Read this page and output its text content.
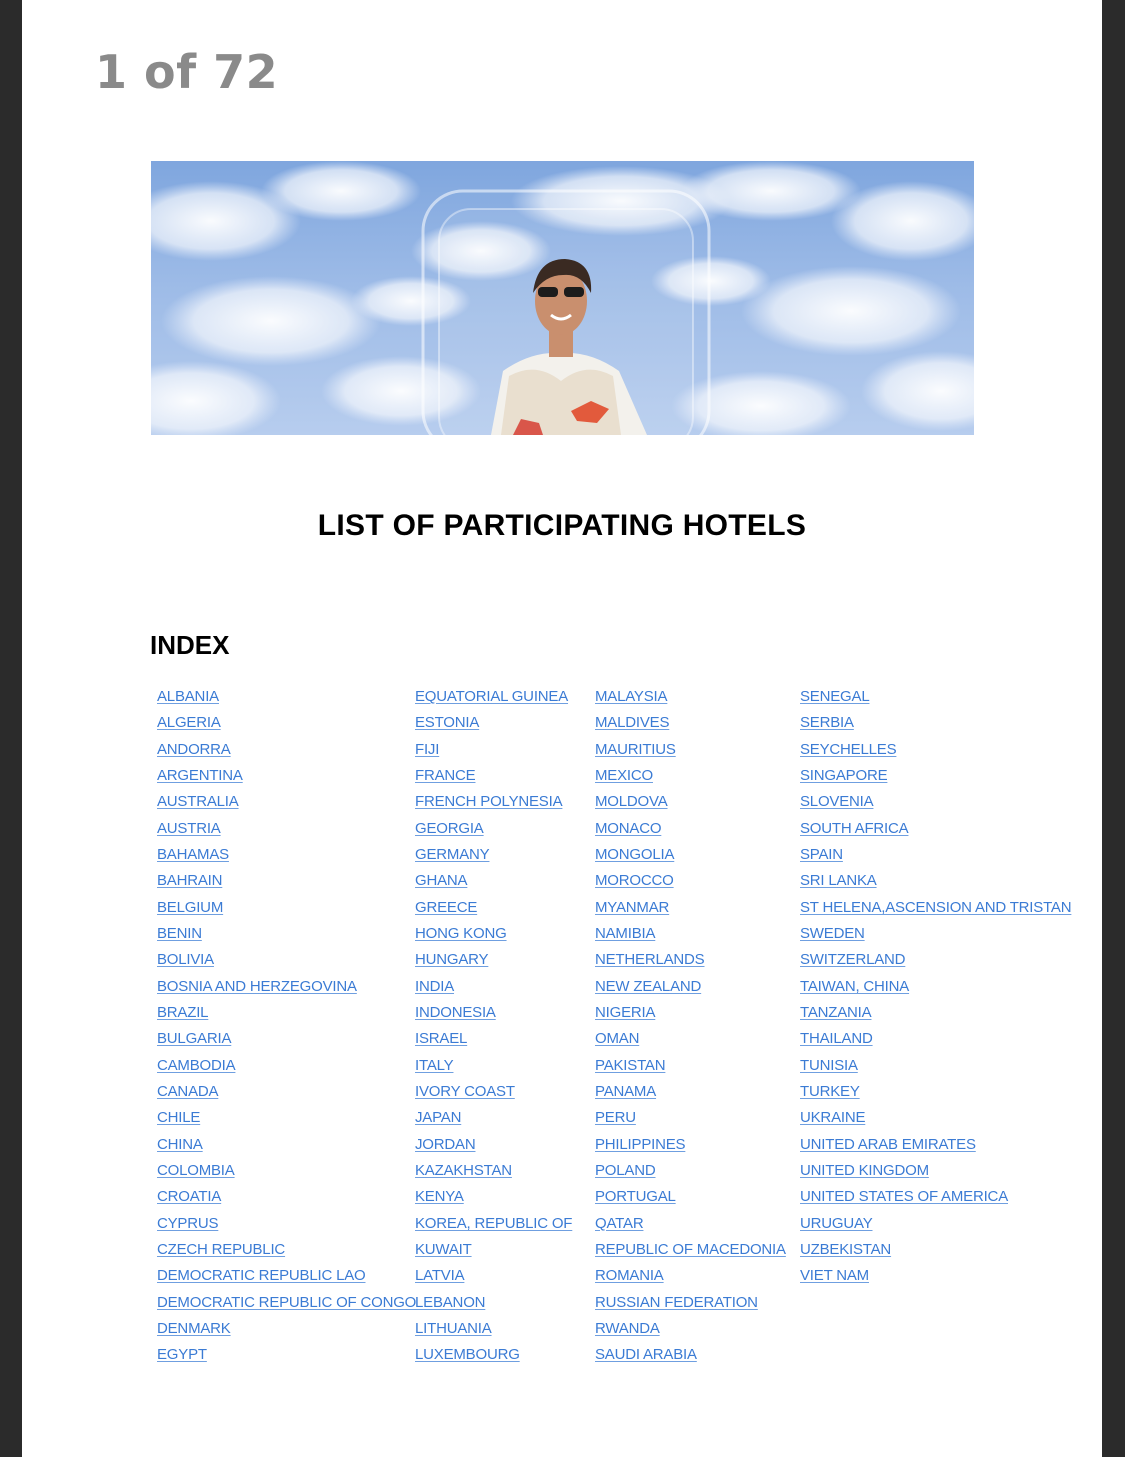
1 of 72
LIST OF PARTICIPATING HOTELS
INDEX
ALBANIA
ALGERIA
ANDORRA
ARGENTINA
AUSTRALIA
AUSTRIA
BAHAMAS
BAHRAIN
BELGIUM
BENIN
BOLIVIA
BOSNIA AND HERZEGOVINA
BRAZIL
BULGARIA
CAMBODIA
CANADA
CHILE
CHINA
COLOMBIA
CROATIA
CYPRUS
CZECH REPUBLIC
DEMOCRATIC REPUBLIC LAO
DEMOCRATIC REPUBLIC OF CONGO
DENMARK
EGYPT
EQUATORIAL GUINEA
ESTONIA
FIJI
FRANCE
FRENCH POLYNESIA
GEORGIA
GERMANY
GHANA
GREECE
HONG KONG
HUNGARY
INDIA
INDONESIA
ISRAEL
ITALY
IVORY COAST
JAPAN
JORDAN
KAZAKHSTAN
KENYA
KOREA, REPUBLIC OF
KUWAIT
LATVIA
LEBANON
LITHUANIA
LUXEMBOURG
MALAYSIA
MALDIVES
MAURITIUS
MEXICO
MOLDOVA
MONACO
MONGOLIA
MOROCCO
MYANMAR
NAMIBIA
NETHERLANDS
NEW ZEALAND
NIGERIA
OMAN
PAKISTAN
PANAMA
PERU
PHILIPPINES
POLAND
PORTUGAL
QATAR
REPUBLIC OF MACEDONIA
ROMANIA
RUSSIAN FEDERATION
RWANDA
SAUDI ARABIA
SENEGAL
SERBIA
SEYCHELLES
SINGAPORE
SLOVENIA
SOUTH AFRICA
SPAIN
SRI LANKA
ST HELENA,ASCENSION AND TRISTAN
SWEDEN
SWITZERLAND
TAIWAN, CHINA
TANZANIA
THAILAND
TUNISIA
TURKEY
UKRAINE
UNITED ARAB EMIRATES
UNITED KINGDOM
UNITED STATES OF AMERICA
URUGUAY
UZBEKISTAN
VIET NAM
